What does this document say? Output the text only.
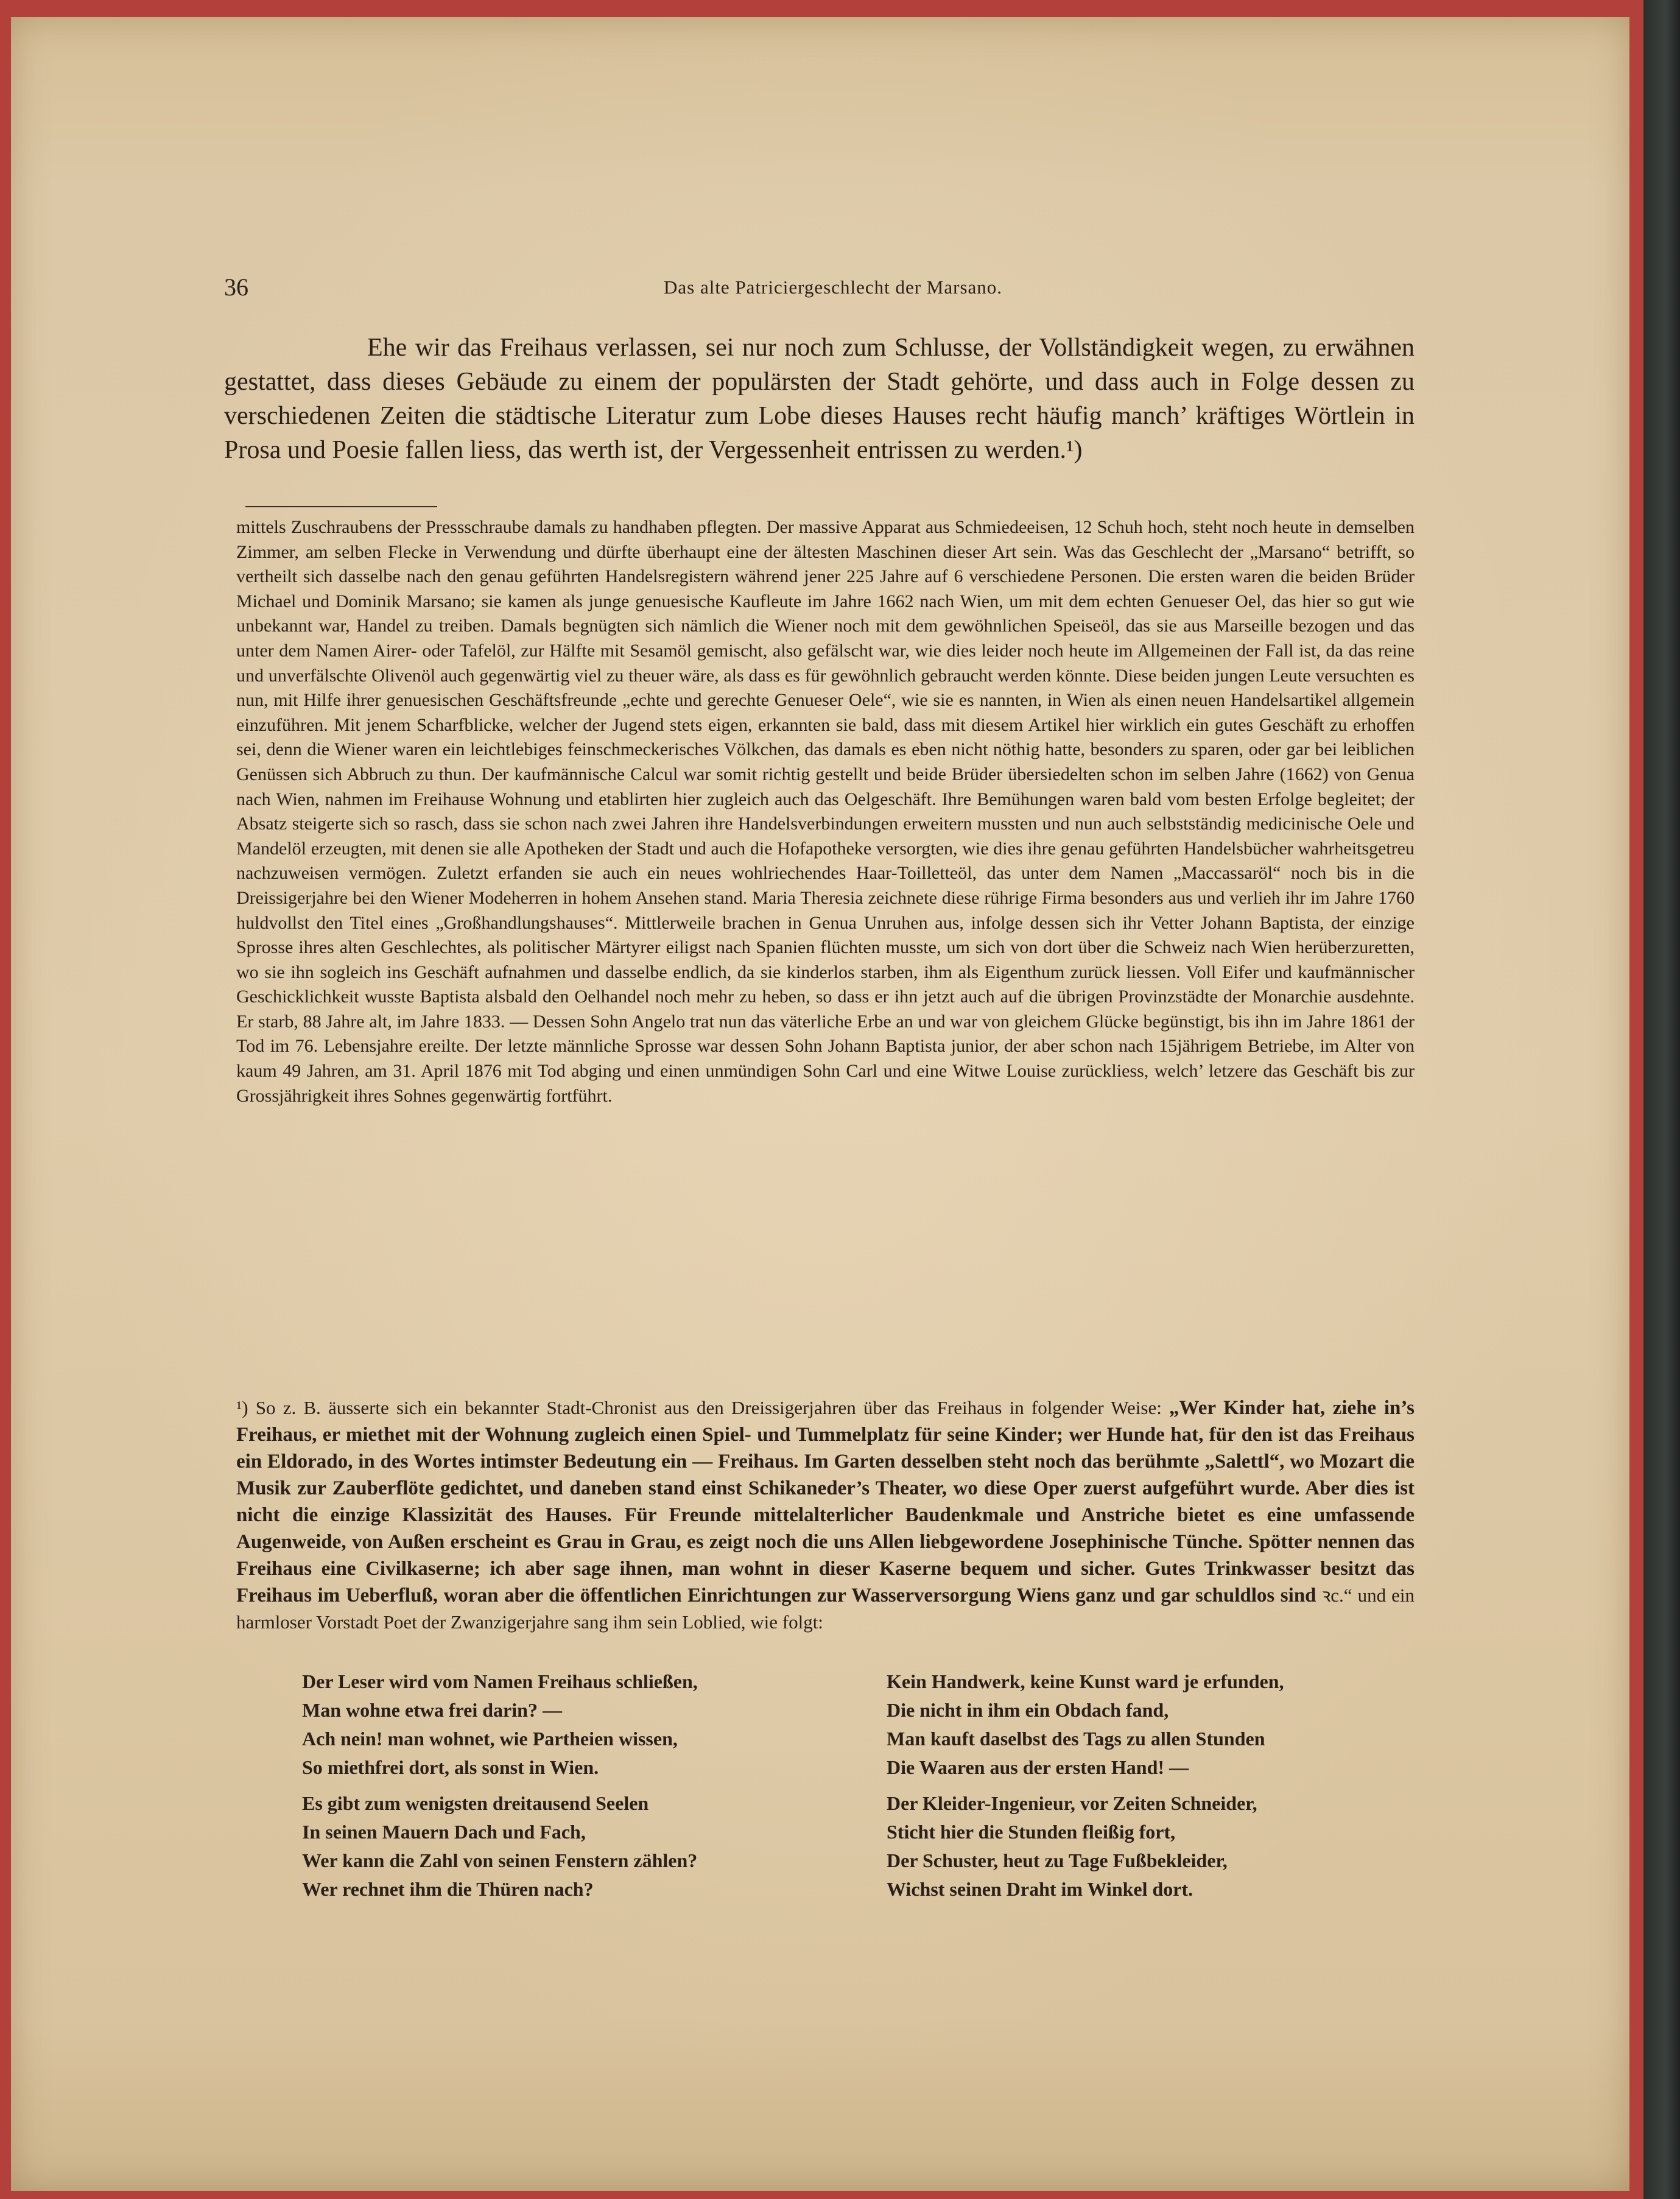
36	Das alte Patriciergeschlecht der Marsano.
Ehe wir das Freihaus verlassen, sei nur noch zum Schlusse, der Vollständigkeit wegen, zu erwähnen gestattet, dass dieses Gebäude zu einem der populärsten der Stadt gehörte, und dass auch in Folge dessen zu verschiedenen Zeiten die städtische Literatur zum Lobe dieses Hauses recht häufig manch’ kräftiges Wörtlein in Prosa und Poesie fallen liess, das werth ist, der Vergessenheit entrissen zu werden.¹)
mittels Zuschraubens der Pressschraube damals zu handhaben pflegten. Der massive Apparat aus Schmiedeeisen, 12 Schuh hoch, steht noch heute in demselben Zimmer, am selben Flecke in Verwendung und dürfte überhaupt eine der ältesten Maschinen dieser Art sein. Was das Geschlecht der „Marsano“ betrifft, so vertheilt sich dasselbe nach den genau geführten Handelsregistern während jener 225 Jahre auf 6 verschiedene Personen. Die ersten waren die beiden Brüder Michael und Dominik Marsano; sie kamen als junge genuesische Kaufleute im Jahre 1662 nach Wien, um mit dem echten Genueser Oel, das hier so gut wie unbekannt war, Handel zu treiben. Damals begnügten sich nämlich die Wiener noch mit dem gewöhnlichen Speiseöl, das sie aus Marseille bezogen und das unter dem Namen Airer- oder Tafelöl, zur Hälfte mit Sesamöl gemischt, also gefälscht war, wie dies leider noch heute im Allgemeinen der Fall ist, da das reine und unverfälschte Olivenöl auch gegenwärtig viel zu theuer wäre, als dass es für gewöhnlich gebraucht werden könnte. Diese beiden jungen Leute versuchten es nun, mit Hilfe ihrer genuesischen Geschäftsfreunde „echte und gerechte Genueser Oele“, wie sie es nannten, in Wien als einen neuen Handelsartikel allgemein einzuführen. Mit jenem Scharfblicke, welcher der Jugend stets eigen, erkannten sie bald, dass mit diesem Artikel hier wirklich ein gutes Geschäft zu erhoffen sei, denn die Wiener waren ein leichtlebiges feinschmeckerisches Völkchen, das damals es eben nicht nöthig hatte, besonders zu sparen, oder gar bei leiblichen Genüssen sich Abbruch zu thun. Der kaufmännische Calcul war somit richtig gestellt und beide Brüder übersiedelten schon im selben Jahre (1662) von Genua nach Wien, nahmen im Freihause Wohnung und etablirten hier zugleich auch das Oelgeschäft. Ihre Bemühungen waren bald vom besten Erfolge begleitet; der Absatz steigerte sich so rasch, dass sie schon nach zwei Jahren ihre Handelsverbindungen erweitern mussten und nun auch selbstständig medicinische Oele und Mandelöl erzeugten, mit denen sie alle Apotheken der Stadt und auch die Hofapotheke versorgten, wie dies ihre genau geführten Handelsbücher wahrheitsgetreu nachzuweisen vermögen. Zuletzt erfanden sie auch ein neues wohlriechendes Haar-Toilletteöl, das unter dem Namen „Maccassaröl“ noch bis in die Dreissigerjahre bei den Wiener Modeherren in hohem Ansehen stand. Maria Theresia zeichnete diese rührige Firma besonders aus und verlieh ihr im Jahre 1760 huldvollst den Titel eines „Großhandlungshauses“. Mittlerweile brachen in Genua Unruhen aus, infolge dessen sich ihr Vetter Johann Baptista, der einzige Sprosse ihres alten Geschlechtes, als politischer Märtyrer eiligst nach Spanien flüchten musste, um sich von dort über die Schweiz nach Wien herüberzuretten, wo sie ihn sogleich ins Geschäft aufnahmen und dasselbe endlich, da sie kinderlos starben, ihm als Eigenthum zurück liessen. Voll Eifer und kaufmännischer Geschicklichkeit wusste Baptista alsbald den Oelhandel noch mehr zu heben, so dass er ihn jetzt auch auf die übrigen Provinzstädte der Monarchie ausdehnte. Er starb, 88 Jahre alt, im Jahre 1833. — Dessen Sohn Angelo trat nun das väterliche Erbe an und war von gleichem Glücke begünstigt, bis ihn im Jahre 1861 der Tod im 76. Lebensjahre ereilte. Der letzte männliche Sprosse war dessen Sohn Johann Baptista junior, der aber schon nach 15jährigem Betriebe, im Alter von kaum 49 Jahren, am 31. April 1876 mit Tod abging und einen unmündigen Sohn Carl und eine Witwe Louise zurückliess, welch’ letzere das Geschäft bis zur Grossjährigkeit ihres Sohnes gegenwärtig fortführt.
¹) So z. B. äusserte sich ein bekannter Stadt-Chronist aus den Dreissigerjahren über das Freihaus in folgender Weise: „Wer Kinder hat, ziehe in’s Freihaus, er miethet mit der Wohnung zugleich einen Spiel- und Tummelplatz für seine Kinder; wer Hunde hat, für den ist das Freihaus ein Eldorado, in des Wortes intimster Bedeutung ein — Freihaus. Im Garten desselben steht noch das berühmte „Salettl“, wo Mozart die Musik zur Zauberflöte gedichtet, und daneben stand einst Schikaneder’s Theater, wo diese Oper zuerst aufgeführt wurde. Aber dies ist nicht die einzige Klassizität des Hauses. Für Freunde mittelalterlicher Baudenkmale und Anstriche bietet es eine umfassende Augenweide, von Außen erscheint es Grau in Grau, es zeigt noch die uns Allen liebgewordene Josephinische Tünche. Spötter nennen das Freihaus eine Civilkaserne; ich aber sage ihnen, man wohnt in dieser Kaserne bequem und sicher. Gutes Trinkwasser besitzt das Freihaus im Ueberfluß, woran aber die öffentlichen Einrichtungen zur Wasserversorgung Wiens ganz und gar schuldlos sind ꝛc.“ und ein harmloser Vorstadt Poet der Zwanzigerjahre sang ihm sein Loblied, wie folgt:
Der Leser wird vom Namen Freihaus schließen,
Man wohne etwa frei darin? —
Ach nein! man wohnet, wie Partheien wissen,
So miethfrei dort, als sonst in Wien.
Es gibt zum wenigsten dreitausend Seelen
In seinen Mauern Dach und Fach,
Wer kann die Zahl von seinen Fenstern zählen?
Wer rechnet ihm die Thüren nach?
Kein Handwerk, keine Kunst ward je erfunden,
Die nicht in ihm ein Obdach fand,
Man kauft daselbst des Tags zu allen Stunden
Die Waaren aus der ersten Hand! —
Der Kleider-Ingenieur, vor Zeiten Schneider,
Sticht hier die Stunden fleißig fort,
Der Schuster, heut zu Tage Fußbekleider,
Wichst seinen Draht im Winkel dort.
